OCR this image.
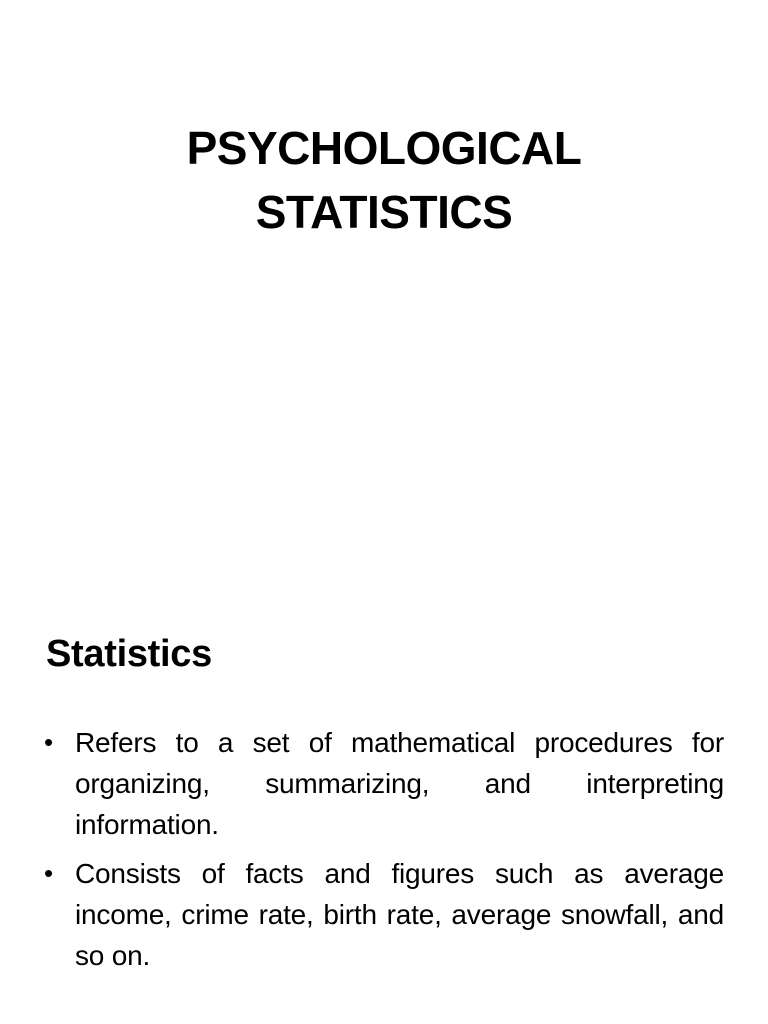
PSYCHOLOGICAL
STATISTICS
Statistics
• Refers to a set of mathematical procedures for organizing, summarizing, and interpreting information.
• Consists of facts and figures such as average income, crime rate, birth rate, average snowfall, and so on.
